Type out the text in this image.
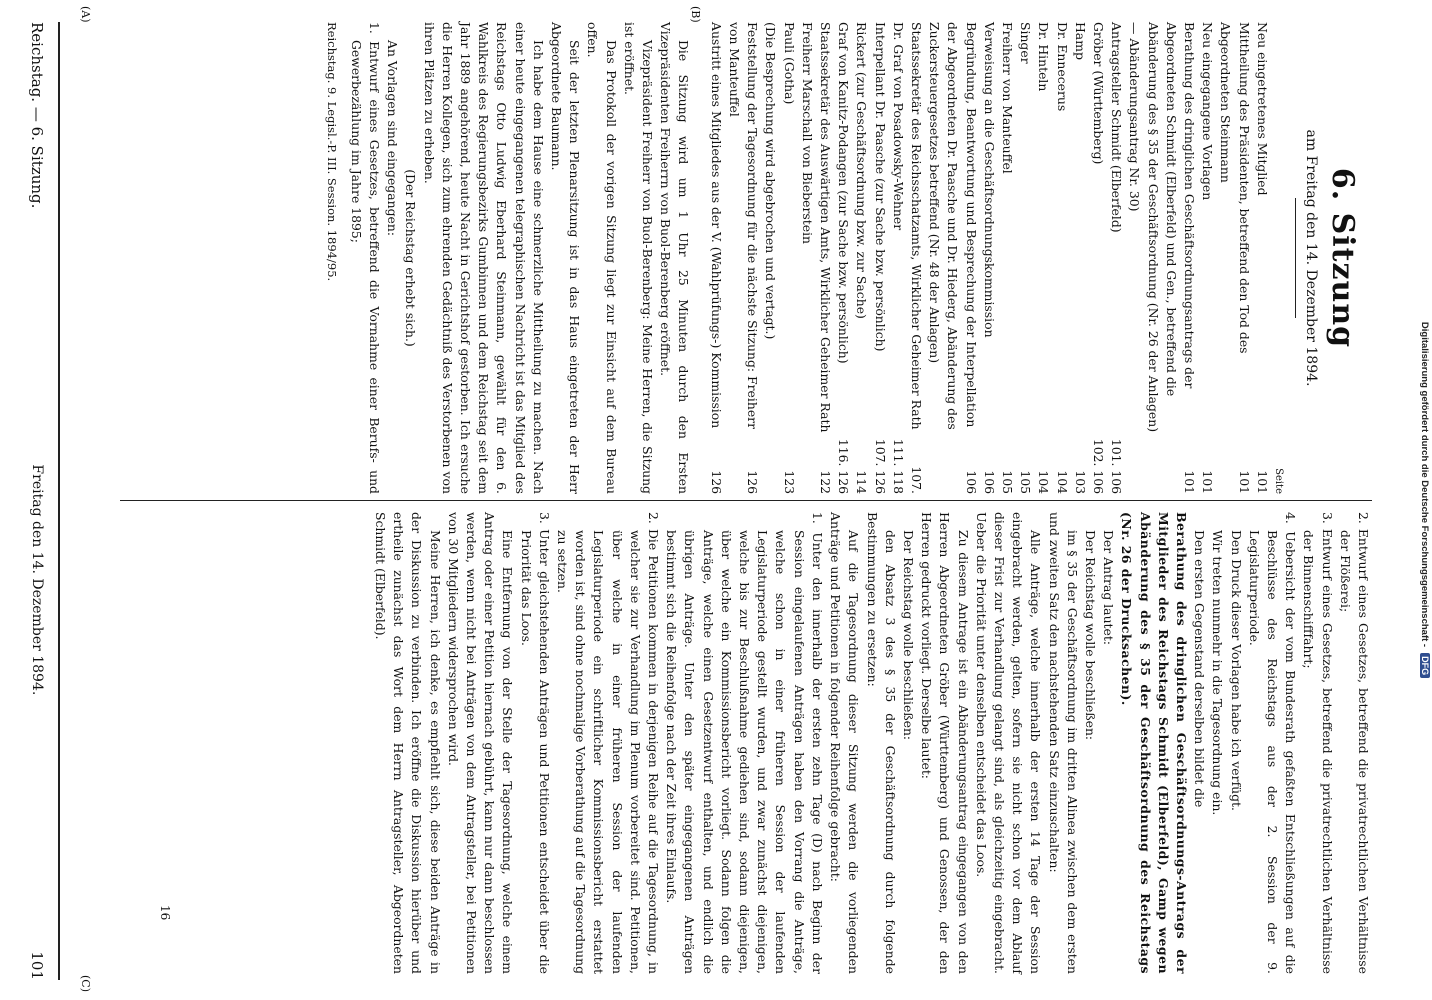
Reichstag. — 6. Sitzung.
Freitag den 14. Dezember 1894.
101
(A)	(B)
(C)
6. Sitzung
am Freitag den 14. Dezember 1894.
Seite
Neu eingetretenes Mitglied
101
Mittheilung des Präsidenten, betreffend den Tod des Abgeordneten Steinmann
101
Neu eingegangene Vorlagen
101
Berathung des dringlichen Geschäftsordnungsantrags der Abgeordneten Schmidt (Elberfeld) und Gen., betreffend die Abänderung des § 35 der Geschäftsordnung (Nr. 26 der Anlagen) — Abänderungsantrag Nr. 30)
101
Antragsteller Schmidt (Elberfeld)
101. 106
Gröber (Württemberg)
102. 106
Hamp
103
Dr. Ennecerus
104
Dr. Hinteln
104
Singer
105
Freiherr von Manteuffel
105
Verweisung an die Geschäftsordnungskommission
106
Begründung, Beantwortung und Besprechung der Interpellation der Abgeordneten Dr. Paasche und Dr. Hiederg, Abänderung des Zuckersteuergesetzes betreffend (Nr. 48 der Anlagen)
106
Staatssekretär des Reichsschatzamts, Wirklicher Geheimer Rath Dr. Graf von Posadowsky-Wehner
107. 111. 118
Interpellant Dr. Paasche (zur Sache bzw. persönlich)
107. 126
Rickert (zur Geschäftsordnung bzw. zur Sache)
114
Graf von Kanitz-Podangen (zur Sache bzw. persönlich)
116. 126
Staatssekretär des Auswärtigen Amts, Wirklicher Geheimer Rath Freiherr Marschall von Bieberstein
122
Pauli (Gotha)
123
(Die Besprechung wird abgebrochen und vertagt.)
Feststellung der Tagesordnung für die nächste Sitzung: Freiherr von Manteuffel
126
Austritt eines Mitgliedes aus der V. (Wahlprüfungs-) Kommission
126

Die Sitzung wird um 1 Uhr 25 Minuten durch den Ersten Vizepräsidenten Freiherrn von Buol-Berenberg eröffnet.

Vizepräsident Freiherr von Buol-Berenberg: Meine Herren, die Sitzung ist eröffnet.

Das Protokoll der vorigen Sitzung liegt zur Einsicht auf dem Bureau offen.

Seit der letzten Plenarsitzung ist in das Haus eingetreten der Herr Abgeordnete Baumann.

Ich habe dem Hause eine schmerzliche Mittheilung zu machen. Nach einer heute eingegangenen telegraphischen Nachricht ist das Mitglied des Reichstags Otto Ludwig Eberhard Steinmann, gewählt für den 6. Wahlkreis des Regierungsbezirks Gumbinnen und dem Reichstag seit dem Jahr 1889 angehörend, heute Nacht in Gerichtshof gestorben. Ich ersuche die Herren Kollegen, sich zum ehrenden Gedächtniß des Verstorbenen von ihren Plätzen zu erheben.

(Der Reichstag erhebt sich.)

An Vorlagen sind eingegangen:

1. Entwurf eines Gesetzes, betreffend die Vornahme einer Berufs- und Gewerbezählung im Jahre 1895;

Reichstag. 9. Legisl.-P. III. Session. 1894/95.

2. Entwurf eines Gesetzes, betreffend die privatrechtlichen Verhältnisse der Flößerei;

3. Entwurf eines Gesetzes, betreffend die privatrechtlichen Verhältnisse der Binnenschifffahrt;

4. Uebersicht der vom Bundesrath gefaßten Entschließungen auf die Beschlüsse des Reichstags aus der 2. Session der 9. Legislaturperiode.

Den Druck dieser Vorlagen habe ich verfügt.

Wir treten nunmehr in die Tagesordnung ein.

Den ersten Gegenstand derselben bildet die

Berathung des dringlichen Geschäftsordnungs-Antrags der Mitglieder des Reichstags Schmidt (Elberfeld), Gamp wegen Abänderung des § 35 der Geschäftsordnung des Reichstags (Nr. 26 der Drucksachen).

Der Antrag lautet:

Der Reichstag wolle beschließen:

im § 35 der Geschäftsordnung im dritten Alinea zwischen dem ersten und zweiten Satz den nachstehenden Satz einzuschalten:

Alle Anträge, welche innerhalb der ersten 14 Tage der Session eingebracht werden, gelten, sofern sie nicht schon vor dem Ablauf dieser Frist zur Verhandlung gelangt sind, als gleichzeitig eingebracht. Ueber die Priorität unter denselben entscheidet das Loos.

Zu diesem Antrage ist ein Abänderungsantrag eingegangen von den Herren Abgeordneten Gröber (Württemberg) und Genossen, der den Herren gedruckt vorliegt. Derselbe lautet:

Der Reichstag wolle beschließen:

den Absatz 3 des § 35 der Geschäftsordnung durch folgende Bestimmungen zu ersetzen:

Auf die Tagesordnung dieser Sitzung werden die vorliegenden Anträge und Petitionen in folgender Reihenfolge gebracht:

1. Unter den innerhalb der ersten zehn Tage (D) nach Beginn der Session eingelaufenen Anträgen haben den Vorrang die Anträge, welche schon in einer früheren Session der laufenden Legislaturperiode gestellt wurden, und zwar zunächst diejenigen, welche bis zur Beschlußnahme gediehen sind, sodann diejenigen, über welche ein Kommissionsbericht vorliegt. Sodann folgen die Anträge, welche einen Gesetzentwurf enthalten, und endlich die übrigen Anträge. Unter den später eingegangenen Anträgen bestimmt sich die Reihenfolge nach der Zeit ihres Einlaufs.

2. Die Petitionen kommen in derjenigen Reihe auf die Tagesordnung, in welcher sie zur Verhandlung im Plenum vorbereitet sind. Petitionen, über welche in einer früheren Session der laufenden Legislaturperiode ein schriftlicher Kommissionsbericht erstattet worden ist, sind ohne nochmalige Vorberathung auf die Tagesordnung zu setzen.

3. Unter gleichstehenden Anträgen und Petitionen entscheidet über die Priorität das Loos.

Eine Entfernung von der Stelle der Tagesordnung, welche einem Antrag oder einer Petition hiernach gebührt, kann nur dann beschlossen werden, wenn nicht bei Anträgen von dem Antragsteller, bei Petitionen von 30 Mitgliedern widersprochen wird.

Meine Herren, ich denke, es empfiehlt sich, diese beiden Anträge in der Diskussion zu verbinden. Ich eröffne die Diskussion hierüber und ertheile zunächst das Wort dem Herrn Antragsteller, Abgeordneten Schmidt (Elberfeld).

16
Digitalisierung gefördert durch die Deutsche Forschungsgemeinschaft -
DFG
